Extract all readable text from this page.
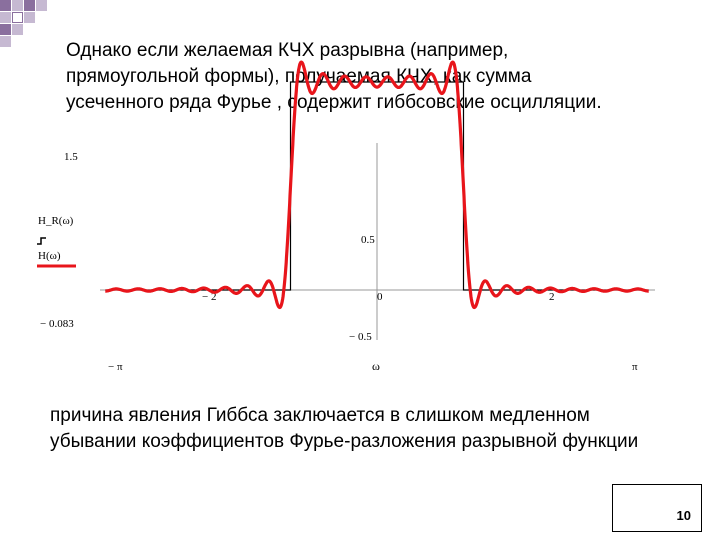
Однако если желаемая КЧХ разрывна (например,
прямоугольной формы), получаемая КЧХ, как сумма
усеченного ряда Фурье , содержит гиббсовские осцилляции.
1.5
− 0.083
− 2	0	2
0.5
− 0.5
− π	π
ω
H_R(ω)
H(ω)
причина явления Гиббса заключается в слишком медленном
убывании коэффициентов Фурье-разложения разрывной функции
10
